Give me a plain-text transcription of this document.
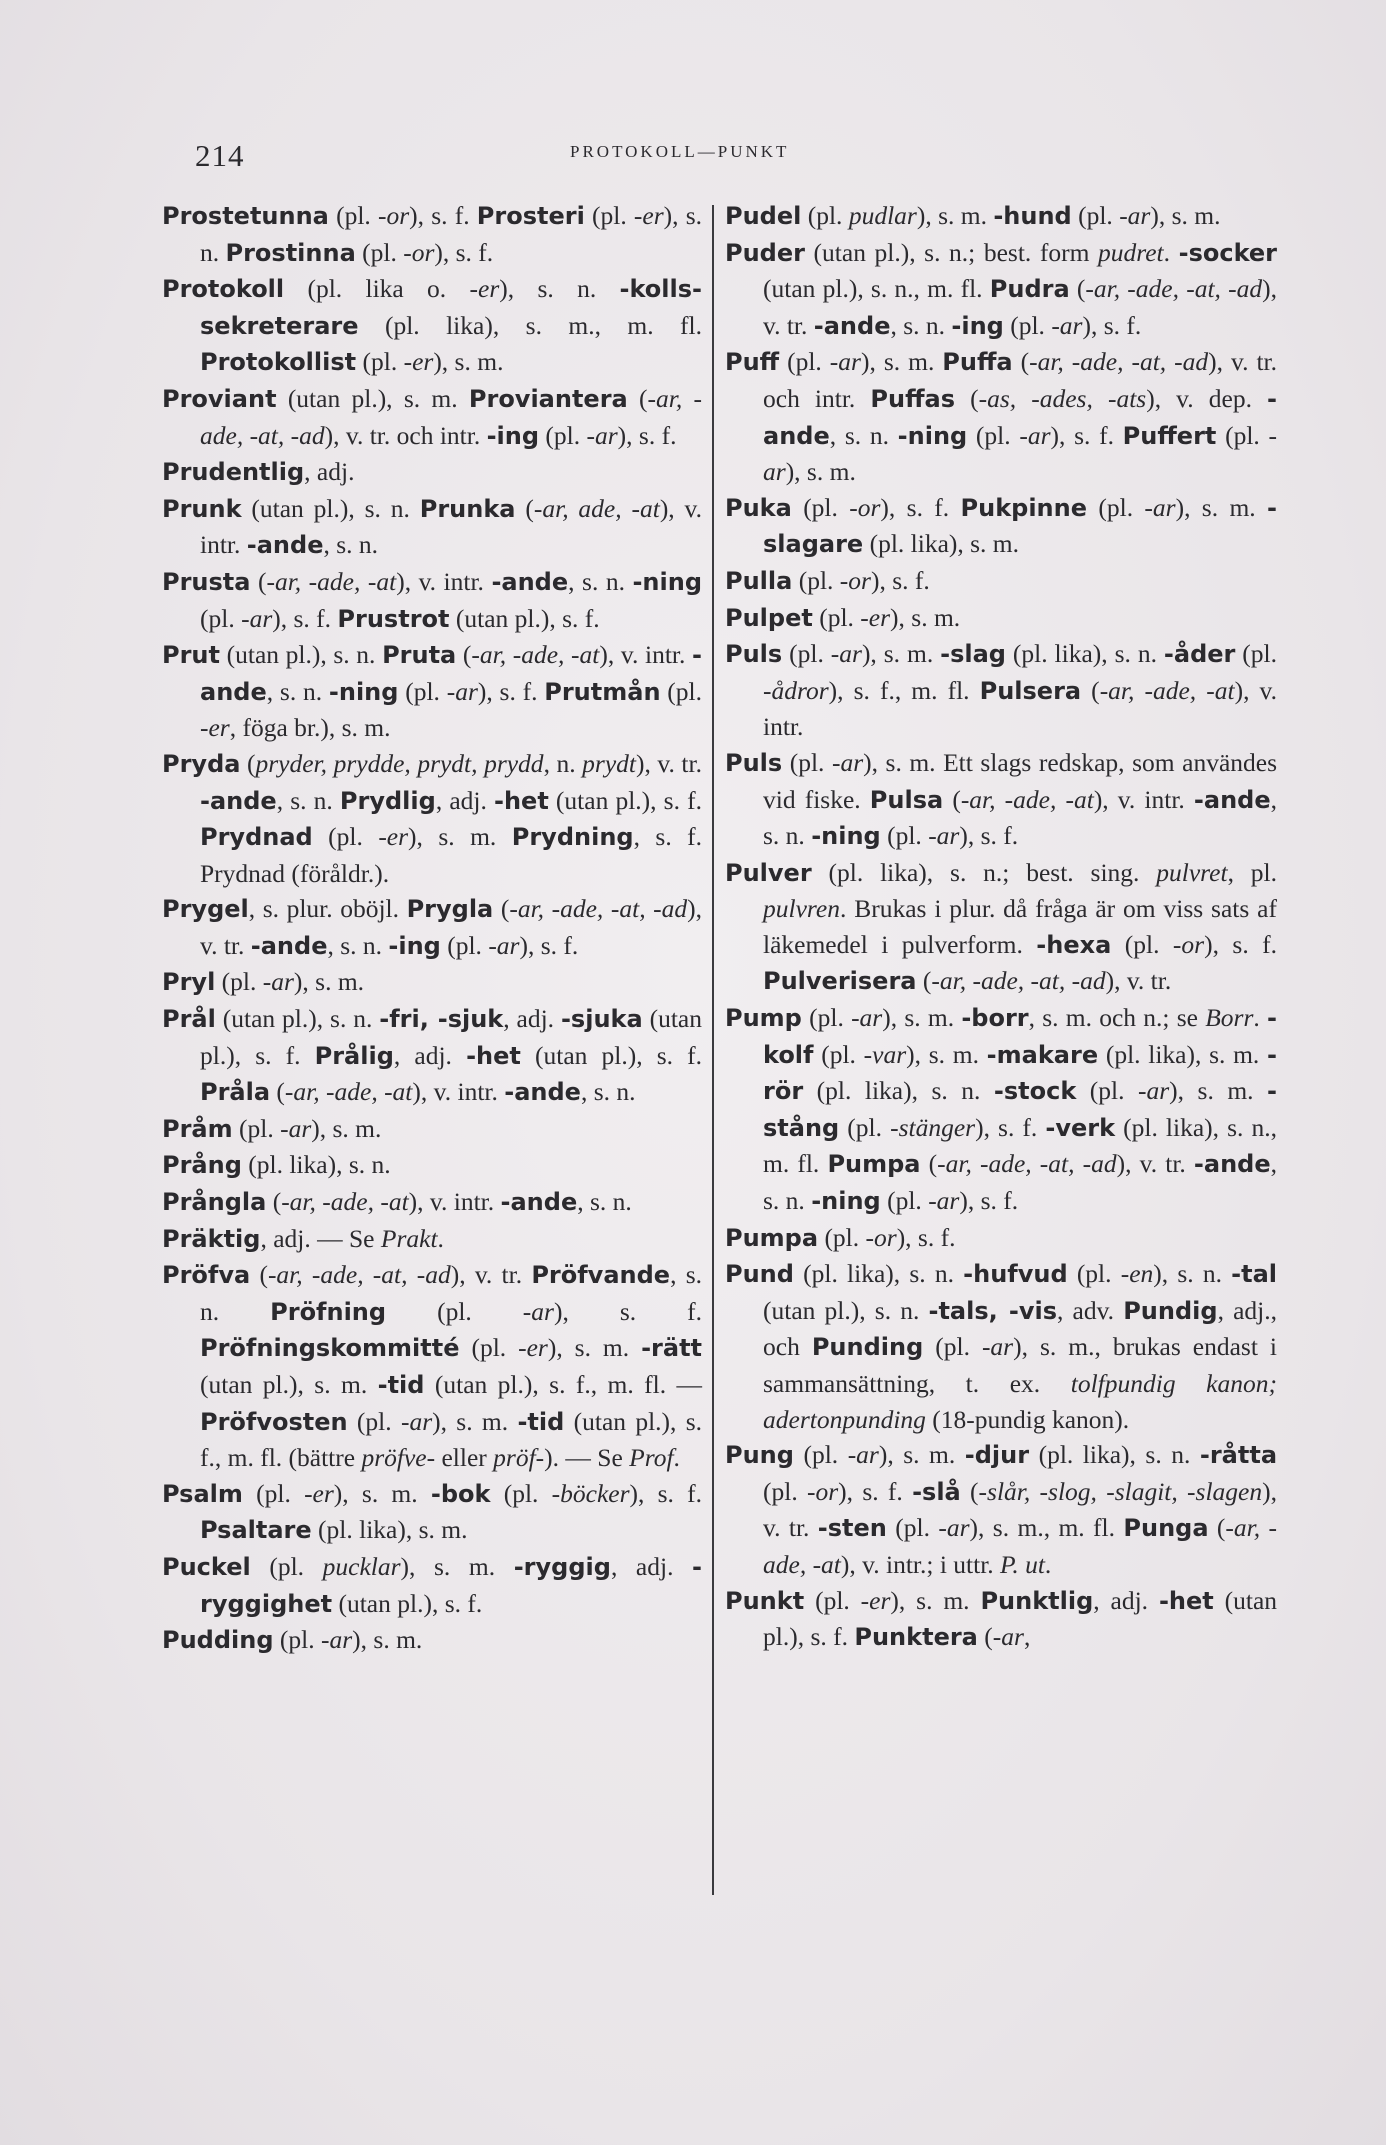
214	PROTOKOLL—PUNKT

Prostetunna (pl. -or), s. f. Prosteri (pl. -er), s. n. Prostinna (pl. -or), s. f.

Protokoll (pl. lika o. -er), s. n. -kolls-sekreterare (pl. lika), s. m., m. fl. Protokollist (pl. -er), s. m.

Proviant (utan pl.), s. m. Proviantera (-ar, -ade, -at, -ad), v. tr. och intr. -ing (pl. -ar), s. f.

Prudentlig, adj.

Prunk (utan pl.), s. n. Prunka (-ar, ade, -at), v. intr. -ande, s. n.

Prusta (-ar, -ade, -at), v. intr. -ande, s. n. -ning (pl. -ar), s. f. Prustrot (utan pl.), s. f.

Prut (utan pl.), s. n. Pruta (-ar, -ade, -at), v. intr. -ande, s. n. -ning (pl. -ar), s. f. Prutmån (pl. -er, föga br.), s. m.

Pryda (pryder, prydde, prydt, prydd, n. prydt), v. tr. -ande, s. n. Prydlig, adj. -het (utan pl.), s. f. Prydnad (pl. -er), s. m. Prydning, s. f. Prydnad (föråldr.).

Prygel, s. plur. oböjl. Prygla (-ar, -ade, -at, -ad), v. tr. -ande, s. n. -ing (pl. -ar), s. f.

Pryl (pl. -ar), s. m.

Prål (utan pl.), s. n. -fri, -sjuk, adj. -sjuka (utan pl.), s. f. Prålig, adj. -het (utan pl.), s. f. Pråla (-ar, -ade, -at), v. intr. -ande, s. n.

Pråm (pl. -ar), s. m.

Prång (pl. lika), s. n.

Prångla (-ar, -ade, -at), v. intr. -ande, s. n.

Präktig, adj. — Se Prakt.

Pröfva (-ar, -ade, -at, -ad), v. tr. Pröfvande, s. n. Pröfning (pl. -ar), s. f. Pröfningskommitté (pl. -er), s. m. -rätt (utan pl.), s. m. -tid (utan pl.), s. f., m. fl. — Pröfvosten (pl. -ar), s. m. -tid (utan pl.), s. f., m. fl. (bättre pröfve- eller pröf-). — Se Prof.

Psalm (pl. -er), s. m. -bok (pl. -böcker), s. f. Psaltare (pl. lika), s. m.

Puckel (pl. pucklar), s. m. -ryggig, adj. -ryggighet (utan pl.), s. f.

Pudding (pl. -ar), s. m.

Pudel (pl. pudlar), s. m. -hund (pl. -ar), s. m.

Puder (utan pl.), s. n.; best. form pudret. -socker (utan pl.), s. n., m. fl. Pudra (-ar, -ade, -at, -ad), v. tr. -ande, s. n. -ing (pl. -ar), s. f.

Puff (pl. -ar), s. m. Puffa (-ar, -ade, -at, -ad), v. tr. och intr. Puffas (-as, -ades, -ats), v. dep. -ande, s. n. -ning (pl. -ar), s. f. Puffert (pl. -ar), s. m.

Puka (pl. -or), s. f. Pukpinne (pl. -ar), s. m. -slagare (pl. lika), s. m.

Pulla (pl. -or), s. f.

Pulpet (pl. -er), s. m.

Puls (pl. -ar), s. m. -slag (pl. lika), s. n. -åder (pl. -ådror), s. f., m. fl. Pulsera (-ar, -ade, -at), v. intr.

Puls (pl. -ar), s. m. Ett slags redskap, som användes vid fiske. Pulsa (-ar, -ade, -at), v. intr. -ande, s. n. -ning (pl. -ar), s. f.

Pulver (pl. lika), s. n.; best. sing. pulvret, pl. pulvren. Brukas i plur. då fråga är om viss sats af läkemedel i pulverform. -hexa (pl. -or), s. f. Pulverisera (-ar, -ade, -at, -ad), v. tr.

Pump (pl. -ar), s. m. -borr, s. m. och n.; se Borr. -kolf (pl. -var), s. m. -makare (pl. lika), s. m. -rör (pl. lika), s. n. -stock (pl. -ar), s. m. -stång (pl. -stänger), s. f. -verk (pl. lika), s. n., m. fl. Pumpa (-ar, -ade, -at, -ad), v. tr. -ande, s. n. -ning (pl. -ar), s. f.

Pumpa (pl. -or), s. f.

Pund (pl. lika), s. n. -hufvud (pl. -en), s. n. -tal (utan pl.), s. n. -tals, -vis, adv. Pundig, adj., och Punding (pl. -ar), s. m., brukas endast i sammansättning, t. ex. tolfpundig kanon; adertonpunding (18-pundig kanon).

Pung (pl. -ar), s. m. -djur (pl. lika), s. n. -råtta (pl. -or), s. f. -slå (-slår, -slog, -slagit, -slagen), v. tr. -sten (pl. -ar), s. m., m. fl. Punga (-ar, -ade, -at), v. intr.; i uttr. P. ut.

Punkt (pl. -er), s. m. Punktlig, adj. -het (utan pl.), s. f. Punktera (-ar,
